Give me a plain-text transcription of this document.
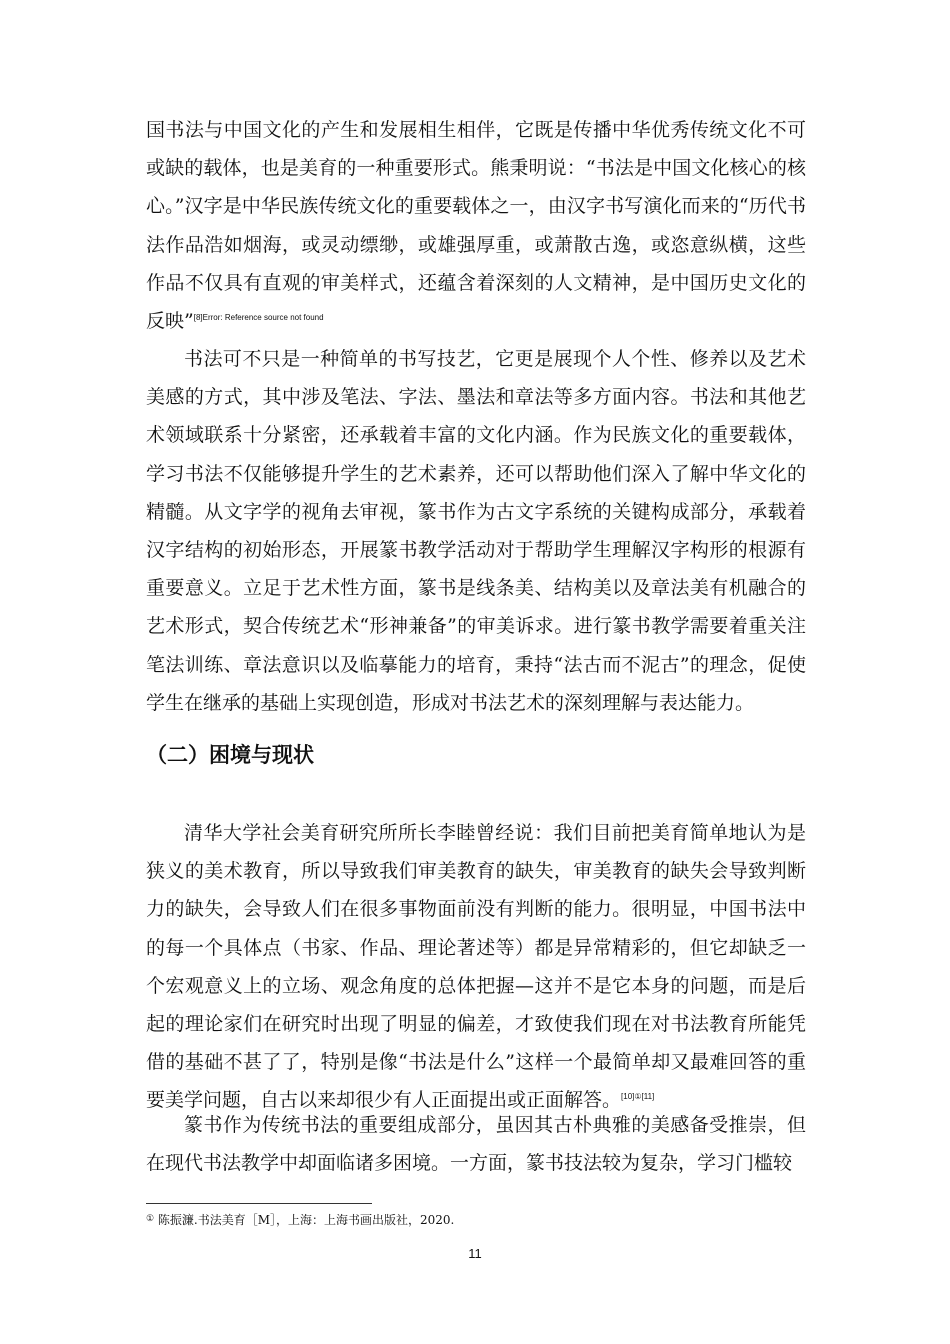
国书法与中国文化的产生和发展相生相伴，它既是传播中华优秀传统文化不可或缺的载体，也是美育的一种重要形式。熊秉明说：“书法是中国文化核心的核心。”汉字是中华民族传统文化的重要载体之一，由汉字书写演化而来的“历代书法作品浩如烟海，或灵动缥缈，或雄强厚重，或萧散古逸，或恣意纵横，这些作品不仅具有直观的审美样式，还蕴含着深刻的人文精神，是中国历史文化的反映”$^{[8]Error: Reference source not found}$

书法可不只是一种简单的书写技艺，它更是展现个人个性、修养以及艺术美感的方式，其中涉及笔法、字法、墨法和章法等多方面内容。书法和其他艺术领域联系十分紧密，还承载着丰富的文化内涵。作为民族文化的重要载体，学习书法不仅能够提升学生的艺术素养，还可以帮助他们深入了解中华文化的精髓。从文字学的视角去审视，篆书作为古文字系统的关键构成部分，承载着汉字结构的初始形态，开展篆书教学活动对于帮助学生理解汉字构形的根源有重要意义。立足于艺术性方面，篆书是线条美、结构美以及章法美有机融合的艺术形式，契合传统艺术“形神兼备”的审美诉求。进行篆书教学需要着重关注笔法训练、章法意识以及临摹能力的培育，秉持“法古而不泥古”的理念，促使学生在继承的基础上实现创造，形成对书法艺术的深刻理解与表达能力。

（二）困境与现状

清华大学社会美育研究所所长李睦曾经说：我们目前把美育简单地认为是狭义的美术教育，所以导致我们审美教育的缺失，审美教育的缺失会导致判断力的缺失，会导致人们在很多事物面前没有判断的能力。很明显，中国书法中的每一个具体点（书家、作品、理论著述等）都是异常精彩的，但它却缺乏一个宏观意义上的立场、观念角度的总体把握—这并不是它本身的问题，而是后起的理论家们在研究时出现了明显的偏差，才致使我们现在对书法教育所能凭借的基础不甚了了，特别是像“书法是什么”这样一个最简单却又最难回答的重要美学问题，自古以来却很少有人正面提出或正面解答。[10]①[11]

篆书作为传统书法的重要组成部分，虽因其古朴典雅的美感备受推崇，但在现代书法教学中却面临诸多困境。一方面，篆书技法较为复杂，学习门槛较

① 陈振濂.书法美育［M］，上海：上海书画出版社，2020.
11
